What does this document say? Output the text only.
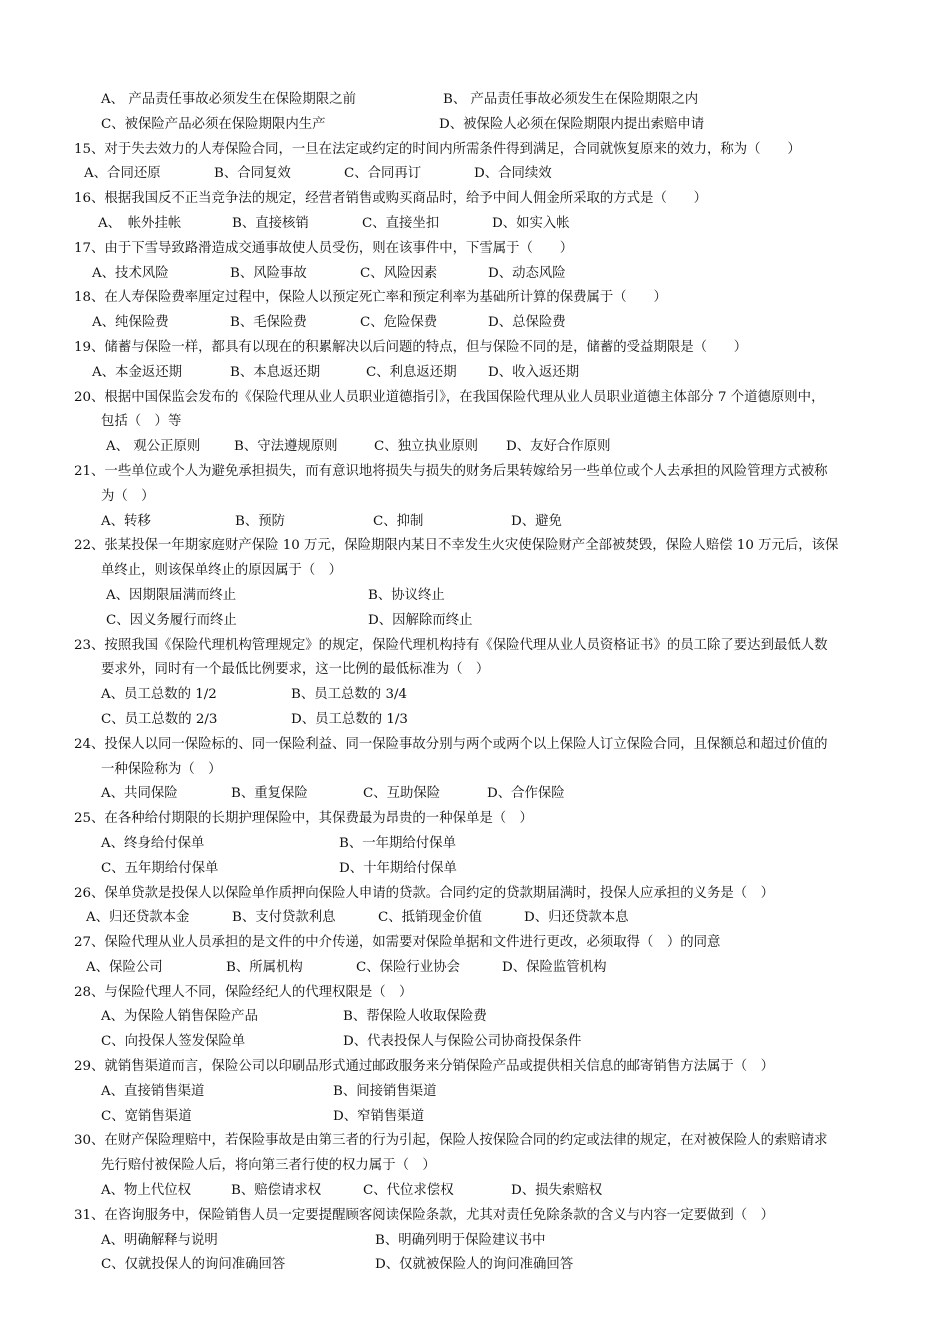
A、 产品责任事故必须发生在保险期限之前	B、 产品责任事故必须发生在保险期限之内
C、被保险产品必须在保险期限内生产	D、被保险人必须在保险期限内提出索赔申请
15、对于失去效力的人寿保险合同，一旦在法定或约定的时间内所需条件得到满足，合同就恢复原来的效力，称为（　　）
A、合同还原	B、合同复效	C、合同再订	D、合同续效
16、根据我国反不正当竞争法的规定，经营者销售或购买商品时，给予中间人佣金所采取的方式是（　　）
A、　帐外挂帐	B、直接核销	C、直接坐扣	D、如实入帐
17、由于下雪导致路滑造成交通事故使人员受伤，则在该事件中，下雪属于（　　）
A、技术风险	B、风险事故	C、风险因素	D、动态风险
18、在人寿保险费率厘定过程中，保险人以预定死亡率和预定利率为基础所计算的保费属于（　　）
A、纯保险费	B、毛保险费	C、危险保费	D、总保险费
19、储蓄与保险一样，都具有以现在的积累解决以后问题的特点，但与保险不同的是，储蓄的受益期限是（　　）
A、本金返还期	B、本息返还期	C、利息返还期 D、收入返还期
20、根据中国保监会发布的《保险代理从业人员职业道德指引》，在我国保险代理从业人员职业道德主体部分 7 个道德原则中，
包括（　）等
A、 观公正原则	B、守法遵规原则	C、独立执业原则 D、友好合作原则
21、一些单位或个人为避免承担损失，而有意识地将损失与损失的财务后果转嫁给另一些单位或个人去承担的风险管理方式被称
为（　）
A、转移	B、预防	C、抑制	D、避免
22、张某投保一年期家庭财产保险 10 万元，保险期限内某日不幸发生火灾使保险财产全部被焚毁，保险人赔偿 10 万元后，该保
单终止，则该保单终止的原因属于（　）
A、因期限届满而终止	B、协议终止
C、因义务履行而终止	D、因解除而终止
23、按照我国《保险代理机构管理规定》的规定，保险代理机构持有《保险代理从业人员资格证书》的员工除了要达到最低人数
要求外，同时有一个最低比例要求，这一比例的最低标准为（　）
A、员工总数的 1/2	B、员工总数的 3/4
C、员工总数的 2/3	D、员工总数的 1/3
24、投保人以同一保险标的、同一保险利益、同一保险事故分别与两个或两个以上保险人订立保险合同，且保额总和超过价值的
一种保险称为（　）
A、共同保险	B、重复保险	C、互助保险	D、合作保险
25、在各种给付期限的长期护理保险中，其保费最为昂贵的一种保单是（　）
A、终身给付保单	B、一年期给付保单
C、五年期给付保单	D、十年期给付保单
26、保单贷款是投保人以保险单作质押向保险人申请的贷款。合同约定的贷款期届满时，投保人应承担的义务是（　）
A、归还贷款本金	B、支付贷款利息	C、抵销现金价值	D、归还贷款本息
27、保险代理从业人员承担的是文件的中介传递，如需要对保险单据和文件进行更改，必须取得（　）的同意
A、保险公司	B、所属机构	C、保险行业协会	D、保险监管机构
28、与保险代理人不同，保险经纪人的代理权限是（　）
A、为保险人销售保险产品	B、帮保险人收取保险费
C、向投保人签发保险单	D、代表投保人与保险公司协商投保条件
29、就销售渠道而言，保险公司以印刷品形式通过邮政服务来分销保险产品或提供相关信息的邮寄销售方法属于（　）
A、直接销售渠道	B、间接销售渠道
C、宽销售渠道	D、窄销售渠道
30、在财产保险理赔中，若保险事故是由第三者的行为引起，保险人按保险合同的约定或法律的规定，在对被保险人的索赔请求
先行赔付被保险人后，将向第三者行使的权力属于（　）
A、物上代位权	B、赔偿请求权	C、代位求偿权	D、损失索赔权
31、在咨询服务中，保险销售人员一定要提醒顾客阅读保险条款，尤其对责任免除条款的含义与内容一定要做到（　）
A、明确解释与说明	B、明确列明于保险建议书中
C、仅就投保人的询问准确回答	D、仅就被保险人的询问准确回答
